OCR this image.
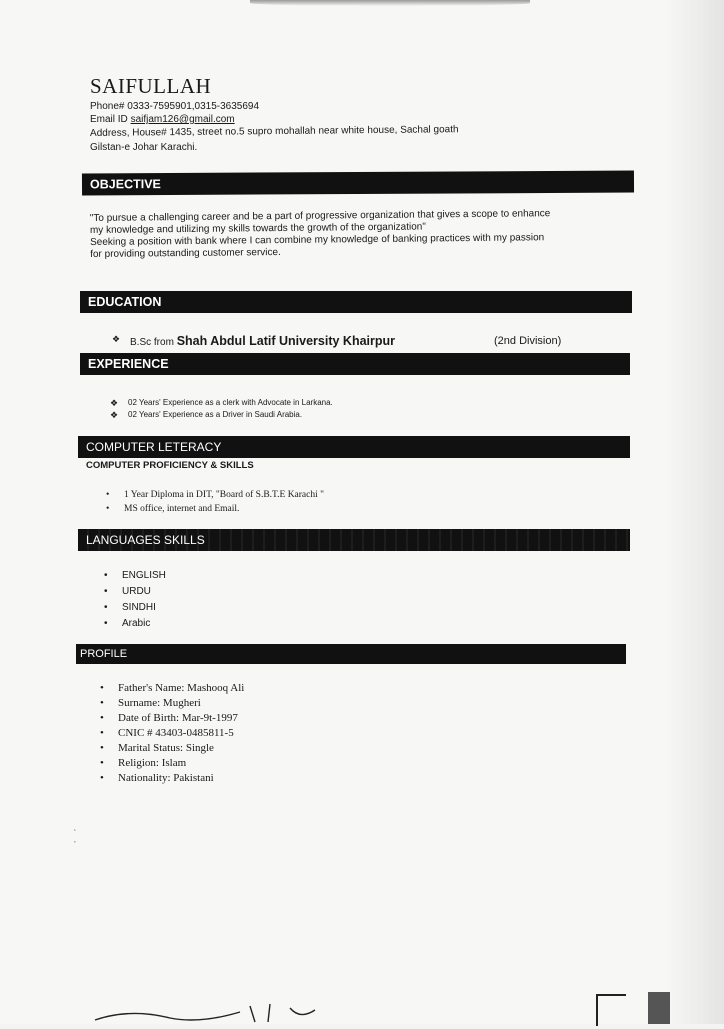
SAIFULLAH
Phone# 0333-7595901,0315-3635694
Email ID saifjam126@gmail.com
Address, House# 1435, street no.5 supro mohallah near white house, Sachal goath
Gilstan-e Johar Karachi.
OBJECTIVE
"To pursue a challenging career and be a part of progressive organization that gives a scope to enhance
my knowledge and utilizing my skills towards the growth of the organization"
Seeking a position with bank where I can combine my knowledge of banking practices with my passion
for providing outstanding customer service.
EDUCATION
❖ B.Sc from Shah Abdul Latif University Khairpur	(2nd Division)
EXPERIENCE
❖ 02 Years' Experience as a clerk with Advocate in Larkana.
❖ 02 Years' Experience as a Driver in Saudi Arabia.
COMPUTER LETERACY
COMPUTER PROFICIENCY & SKILLS
• 1 Year Diploma in DIT, "Board of S.B.T.E Karachi "
• MS office, internet and Email.
LANGUAGES SKILLS
• ENGLISH
• URDU
• SINDHI
• Arabic
PROFILE
• Father's Name: Mashooq Ali
• Surname: Mugheri
• Date of Birth: Mar-9t-1997
• CNIC # 43403-0485811-5
• Marital Status: Single
• Religion: Islam
• Nationality: Pakistani
‘
’
